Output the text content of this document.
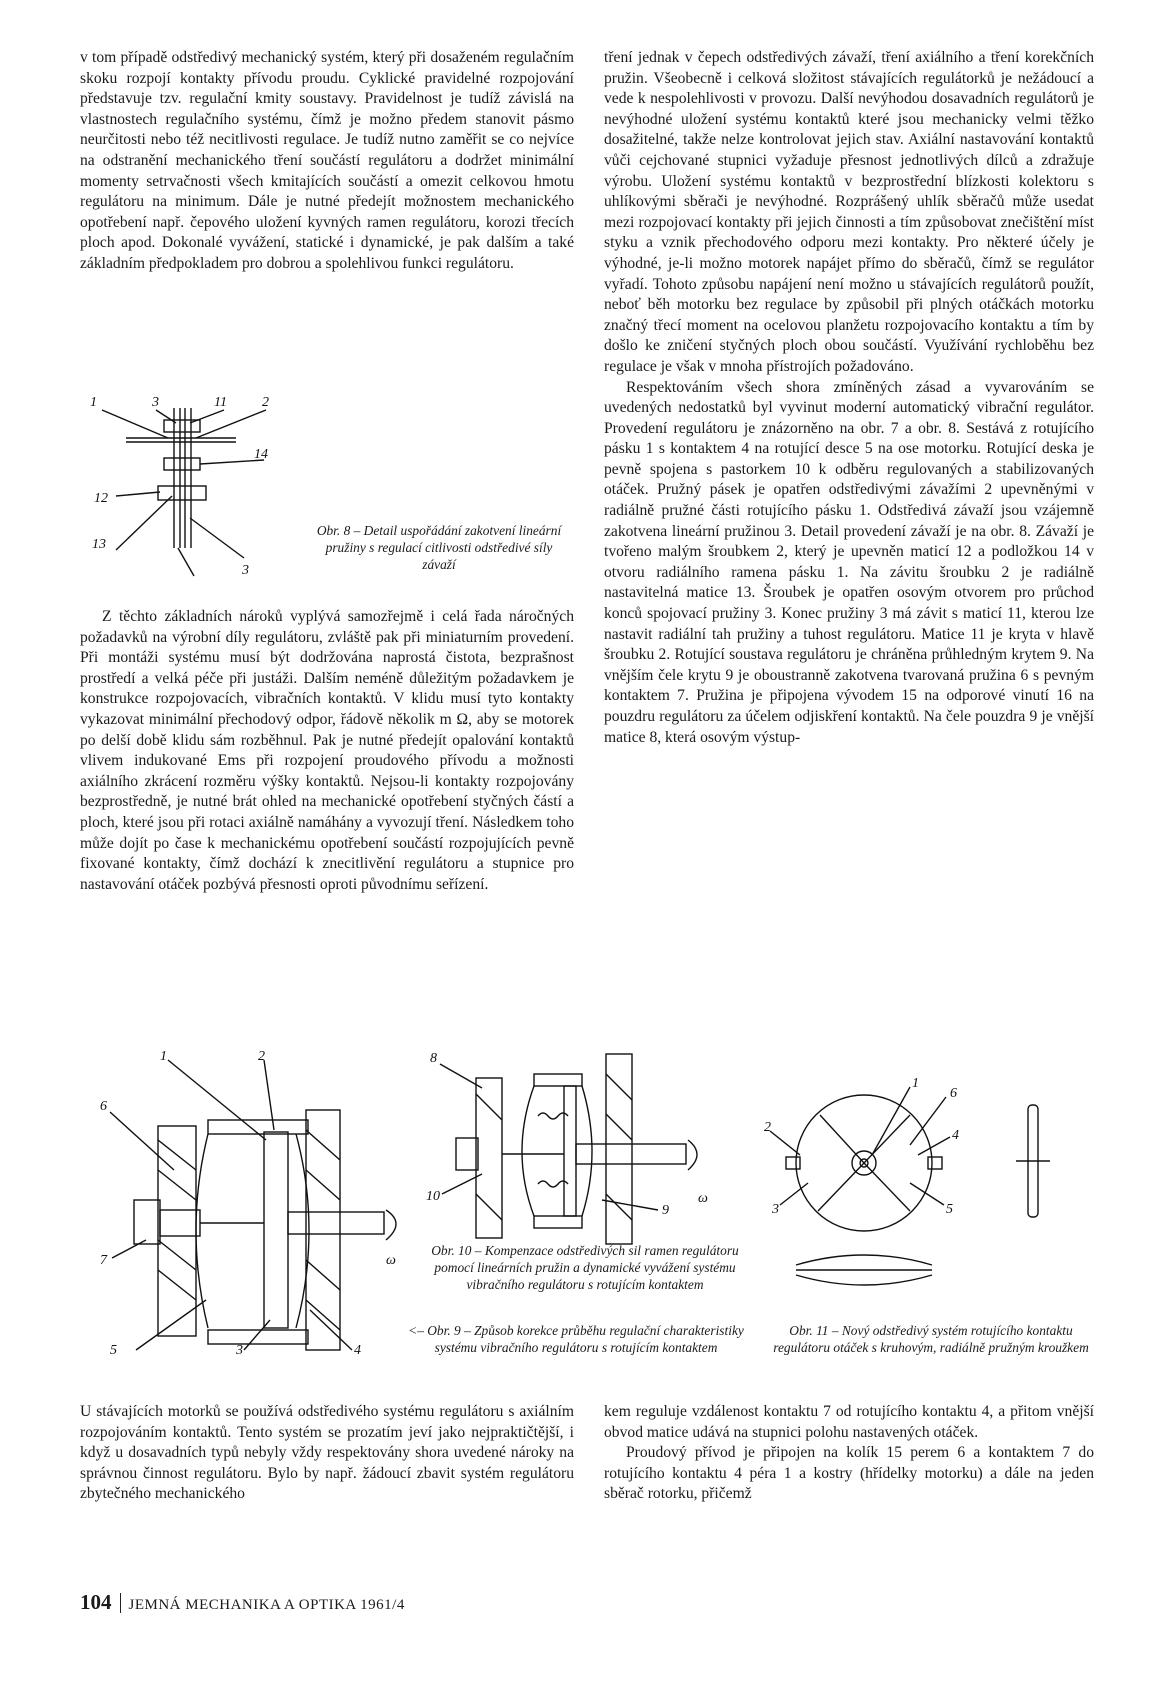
v tom případě odstředivý mechanický systém, který při dosaženém regulačním skoku rozpojí kontakty přívodu proudu. Cyklické pravidelné rozpojování představuje tzv. regulační kmity soustavy. Pravidelnost je tudíž závislá na vlastnostech regulačního systému, čímž je možno předem stanovit pásmo neurčitosti nebo též necitlivosti regulace. Je tudíž nutno zaměřit se co nejvíce na odstranění mechanického tření součástí regulátoru a dodržet minimální momenty setrvačnosti všech kmitajících součástí a omezit celkovou hmotu regulátoru na minimum. Dále je nutné předejít možnostem mechanického opotřebení např. čepového uložení kyvných ramen regulátoru, korozi třecích ploch apod. Dokonalé vyvážení, statické i dynamické, je pak dalším a také základním předpokladem pro dobrou a spolehlivou funkci regulátoru.

1	3	11	2
14
12
13
3
Obr. 8 – Detail uspořádání zakotvení lineární pružiny s regulací citlivosti odstředivé síly závaží

Z těchto základních nároků vyplývá samozřejmě i celá řada náročných požadavků na výrobní díly regulátoru, zvláště pak při miniaturním provedení. Při montáži systému musí být dodržována naprostá čistota, bezprašnost prostředí a velká péče při justáži. Dalším neméně důležitým požadavkem je konstrukce rozpojovacích, vibračních kontaktů. V klidu musí tyto kontakty vykazovat minimální přechodový odpor, řádově několik m Ω, aby se motorek po delší době klidu sám rozběhnul. Pak je nutné předejít opalování kontaktů vlivem indukované Ems při rozpojení proudového přívodu a možnosti axiálního zkrácení rozměru výšky kontaktů. Nejsou-li kontakty rozpojovány bezprostředně, je nutné brát ohled na mechanické opotřebení styčných částí a ploch, které jsou při rotaci axiálně namáhány a vyvozují tření. Následkem toho může dojít po čase k mechanickému opotřebení součástí rozpojujících pevně fixované kontakty, čímž dochází k znecitlivění regulátoru a stupnice pro nastavování otáček pozbývá přesnosti oproti původnímu seřízení.

tření jednak v čepech odstředivých závaží, tření axiálního a tření korekčních pružin. Všeobecně i celková složitost stávajících regulátorků je nežádoucí a vede k nespolehlivosti v provozu. Další nevýhodou dosavadních regulátorů je nevýhodné uložení systému kontaktů které jsou mechanicky velmi těžko dosažitelné, takže nelze kontrolovat jejich stav. Axiální nastavování kontaktů vůči cejchované stupnici vyžaduje přesnost jednotlivých dílců a zdražuje výrobu. Uložení systému kontaktů v bezprostřední blízkosti kolektoru s uhlíkovými sběrači je nevýhodné. Rozprášený uhlík sběračů může usedat mezi rozpojovací kontakty při jejich činnosti a tím způsobovat znečištění míst styku a vznik přechodového odporu mezi kontakty. Pro některé účely je výhodné, je-li možno motorek napájet přímo do sběračů, čímž se regulátor vyřadí. Tohoto způsobu napájení není možno u stávajících regulátorů použít, neboť běh motorku bez regulace by způsobil při plných otáčkách motorku značný třecí moment na ocelovou planžetu rozpojovacího kontaktu a tím by došlo ke zničení styčných ploch obou součástí. Využívání rychloběhu bez regulace je však v mnoha přístrojích požadováno.

Respektováním všech shora zmíněných zásad a vyvarováním se uvedených nedostatků byl vyvinut moderní automatický vibrační regulátor. Provedení regulátoru je znázorněno na obr. 7 a obr. 8. Sestává z rotujícího pásku 1 s kontaktem 4 na rotující desce 5 na ose motorku. Rotující deska je pevně spojena s pastorkem 10 k odběru regulovaných a stabilizovaných otáček. Pružný pásek je opatřen odstředivými závažími 2 upevněnými v radiálně pružné části rotujícího pásku 1. Odstředivá závaží jsou vzájemně zakotvena lineární pružinou 3. Detail provedení závaží je na obr. 8. Závaží je tvořeno malým šroubkem 2, který je upevněn maticí 12 a podložkou 14 v otvoru radiálního ramena pásku 1. Na závitu šroubku 2 je radiálně nastavitelná matice 13. Šroubek je opatřen osovým otvorem pro průchod konců spojovací pružiny 3. Konec pružiny 3 má závit s maticí 11, kterou lze nastavit radiální tah pružiny a tuhost regulátoru. Matice 11 je kryta v hlavě šroubku 2. Rotující soustava regulátoru je chráněna průhledným krytem 9. Na vnějším čele krytu 9 je oboustranně zakotvena tvarovaná pružina 6 s pevným kontaktem 7. Pružina je připojena vývodem 15 na odporové vinutí 16 na pouzdru regulátoru za účelem odjiskření kontaktů. Na čele pouzdra 9 je vnější matice 8, která osovým výstup-

1	2
6
7
5	3	4
ω
8
10
9
ω
Obr. 10 – Kompenzace odstředivých sil ramen regulátoru pomocí lineárních pružin a dynamické vyvážení systému vibračního regulátoru s rotujícím kontaktem
<– Obr. 9 – Způsob korekce průběhu regulační charakteristiky systému vibračního regulátoru s rotujícím kontaktem
1
2
6
4
3	5
Obr. 11 – Nový odstředivý systém rotujícího kontaktu regulátoru otáček s kruhovým, radiálně pružným kroužkem

U stávajících motorků se používá odstředivého systému regulátoru s axiálním rozpojováním kontaktů. Tento systém se prozatím jeví jako nejpraktičtější, i když u dosavadních typů nebyly vždy respektovány shora uvedené nároky na správnou činnost regulátoru. Bylo by např. žádoucí zbavit systém regulátoru zbytečného mechanického

kem reguluje vzdálenost kontaktu 7 od rotujícího kontaktu 4, a přitom vnější obvod matice udává na stupnici polohu nastavených otáček.

Proudový přívod je připojen na kolík 15 perem 6 a kontaktem 7 do rotujícího kontaktu 4 péra 1 a kostry (hřídelky motorku) a dále na jeden sběrač rotorku, přičemž

104 JEMNÁ MECHANIKA A OPTIKA 1961/4
